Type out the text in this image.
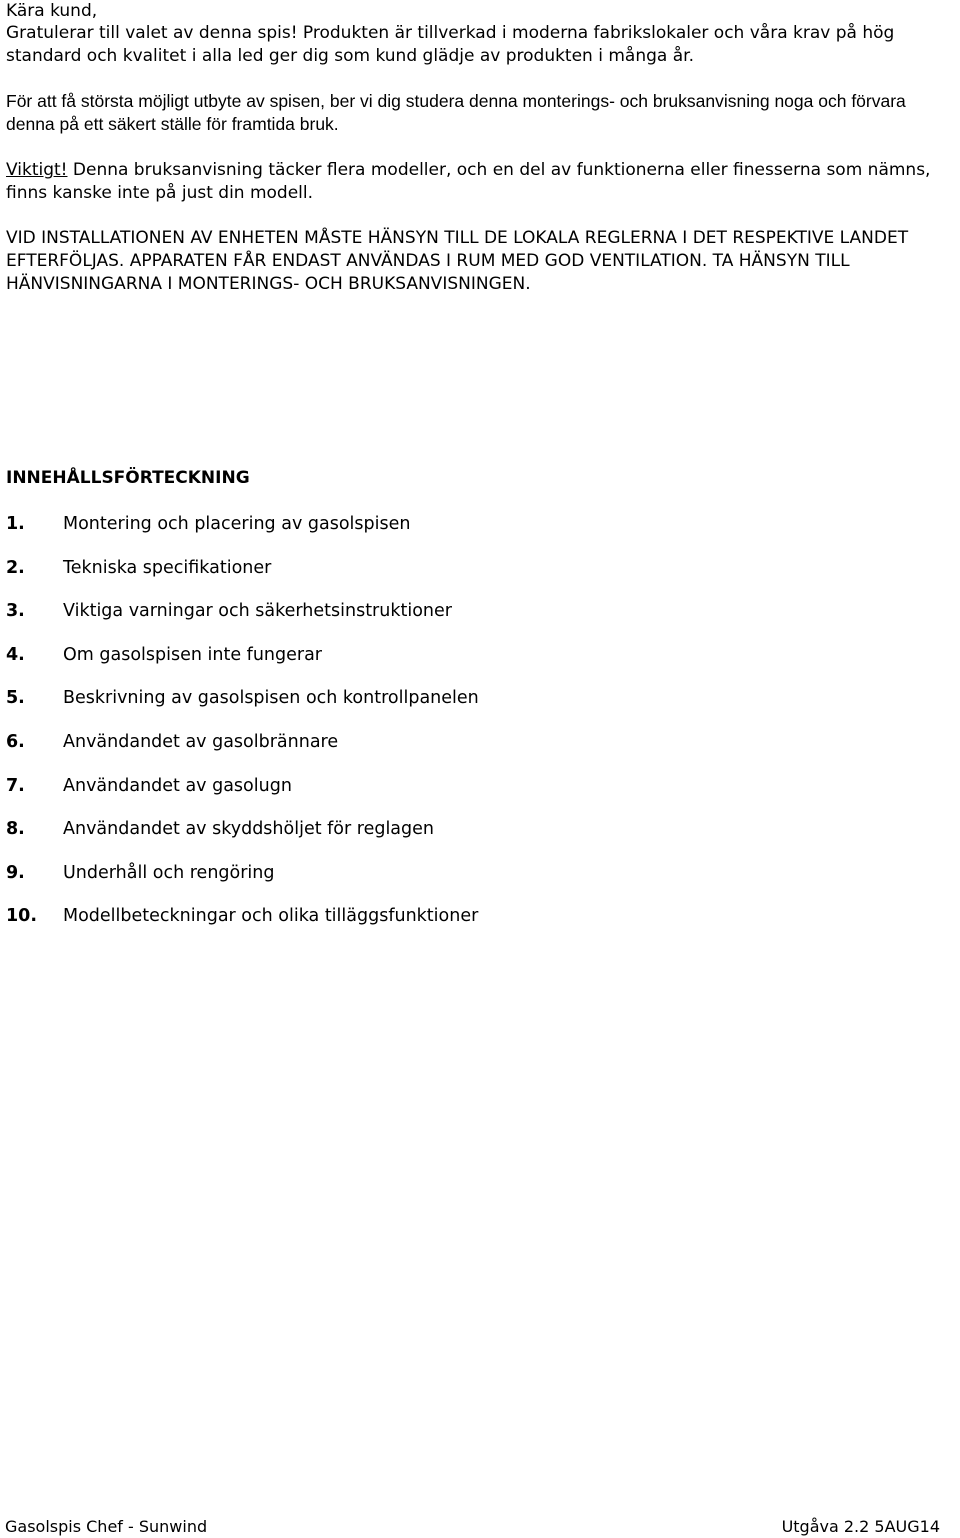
Kära kund,

Gratulerar till valet av denna spis! Produkten är tillverkad i moderna fabrikslokaler och våra krav på hög standard och kvalitet i alla led ger dig som kund glädje av produkten i många år.

För att få största möjligt utbyte av spisen, ber vi dig studera denna monterings- och bruksanvisning noga och förvara denna på ett säkert ställe för framtida bruk.

Viktigt! Denna bruksanvisning täcker flera modeller, och en del av funktionerna eller finesserna som nämns, finns kanske inte på just din modell.

VID INSTALLATIONEN AV ENHETEN MÅSTE HÄNSYN TILL DE LOKALA REGLERNA I DET RESPEKTIVE LANDET EFTERFÖLJAS. APPARATEN FÅR ENDAST ANVÄNDAS I RUM MED GOD VENTILATION. TA HÄNSYN TILL HÄNVISNINGARNA I MONTERINGS- OCH BRUKSANVISNINGEN.

INNEHÅLLSFÖRTECKNING

1. Montering och placering av gasolspisen
2. Tekniska specifikationer
3. Viktiga varningar och säkerhetsinstruktioner
4. Om gasolspisen inte fungerar
5. Beskrivning av gasolspisen och kontrollpanelen
6. Användandet av gasolbrännare
7. Användandet av gasolugn
8. Användandet av skyddshöljet för reglagen
9. Underhåll och rengöring
10. Modellbeteckningar och olika tilläggsfunktioner
Gasolspis Chef - Sunwind	Utgåva 2.2 5AUG14
